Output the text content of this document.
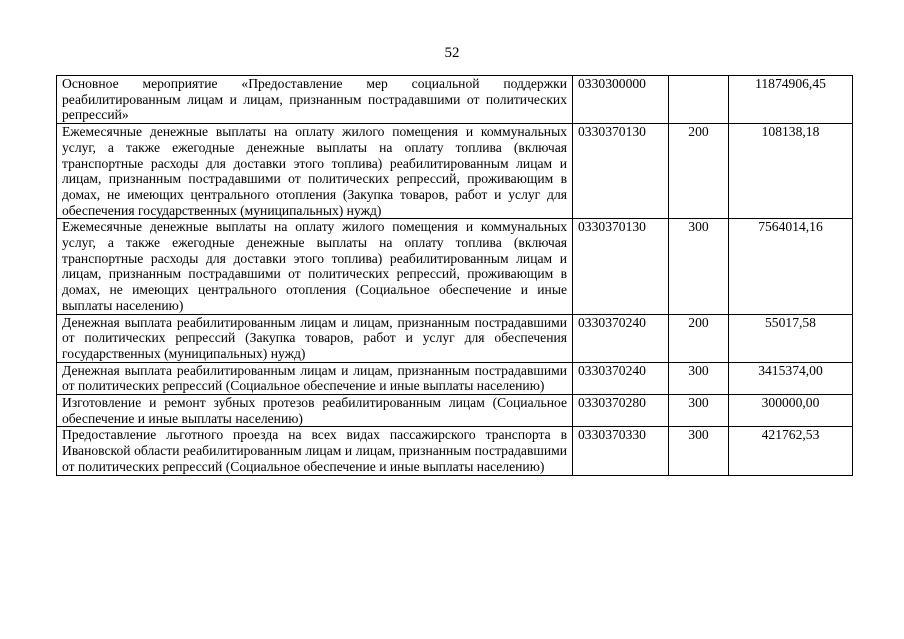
52
Основное мероприятие «Предоставление мер социальной поддержки реабилитированным лицам и лицам, признанным пострадавшими от политических репрессий»	0330300000		11874906,45
Ежемесячные денежные выплаты на оплату жилого помещения и коммунальных услуг, а также ежегодные денежные выплаты на оплату топлива (включая транспортные расходы для доставки этого топлива) реабилитированным лицам и лицам, признанным пострадавшими от политических репрессий, проживающим в домах, не имеющих центрального отопления (Закупка товаров, работ и услуг для обеспечения государственных (муниципальных) нужд)	0330370130	200	108138,18
Ежемесячные денежные выплаты на оплату жилого помещения и коммунальных услуг, а также ежегодные денежные выплаты на оплату топлива (включая транспортные расходы для доставки этого топлива) реабилитированным лицам и лицам, признанным пострадавшими от политических репрессий, проживающим в домах, не имеющих центрального отопления (Социальное обеспечение и иные выплаты населению)	0330370130	300	7564014,16
Денежная выплата реабилитированным лицам и лицам, признанным пострадавшими от политических репрессий (Закупка товаров, работ и услуг для обеспечения государственных (муниципальных) нужд)	0330370240	200	55017,58
Денежная выплата реабилитированным лицам и лицам, признанным пострадавшими от политических репрессий (Социальное обеспечение и иные выплаты населению)	0330370240	300	3415374,00
Изготовление и ремонт зубных протезов реабилитированным лицам (Социальное обеспечение и иные выплаты населению)	0330370280	300	300000,00
Предоставление льготного проезда на всех видах пассажирского транспорта в Ивановской области реабилитированным лицам и лицам, признанным пострадавшими от политических репрессий (Социальное обеспечение и иные выплаты населению)	0330370330	300	421762,53
